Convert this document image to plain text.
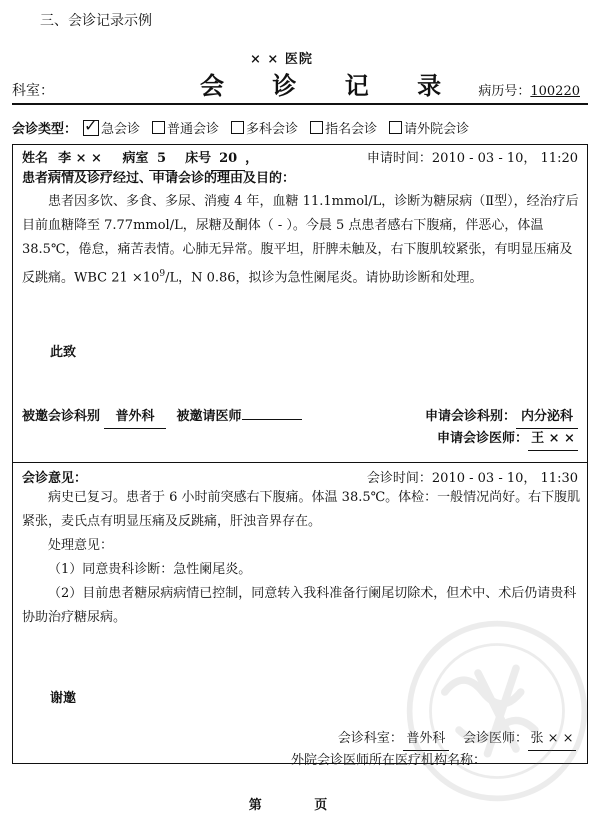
三、会诊记录示例
× × 医院
会 诊 记 录
科室：	病历号：100220
会诊类型：
✓ 急会诊 普通会诊 多科会诊 指名会诊 请外院会诊
姓名 李 × × 病室 5 床号 20 ，	申请时间：2010 - 03 - 10， 11:20
患者病情及诊疗经过、申请会诊的理由及目的：
患者因多饮、多食、多尿、消瘦 4 年，血糖 11.1mmol/L，诊断为糖尿病（Ⅱ型），经治疗后目前血糖降至 7.77mmol/L，尿糖及酮体（ - ）。今晨 5 点患者感右下腹痛，伴恶心，体温 38.5℃，倦怠，痛苦表情。心肺无异常。腹平坦，肝脾未触及，右下腹肌较紧张，有明显压痛及反跳痛。WBC $21 \times 10^9/L$，N 0.86，拟诊为急性阑尾炎。请协助诊断和处理。
此致
被邀会诊科别 普外科 被邀请医师	申请会诊科别： 内分泌科
申请会诊医师： 王 × ×
会诊意见：	会诊时间：2010 - 03 - 10， 11:30
病史已复习。患者于 6 小时前突感右下腹痛。体温 38.5℃。体检：一般情况尚好。右下腹肌紧张，麦氏点有明显压痛及反跳痛，肝浊音界存在。
处理意见：
（1）同意贵科诊断：急性阑尾炎。
（2）目前患者糖尿病病情已控制，同意转入我科准备行阑尾切除术，但术中、术后仍请贵科协助治疗糖尿病。
谢邀
会诊科室： 普外科 会诊医师： 张 × ×
外院会诊医师所在医疗机构名称：
第 页
